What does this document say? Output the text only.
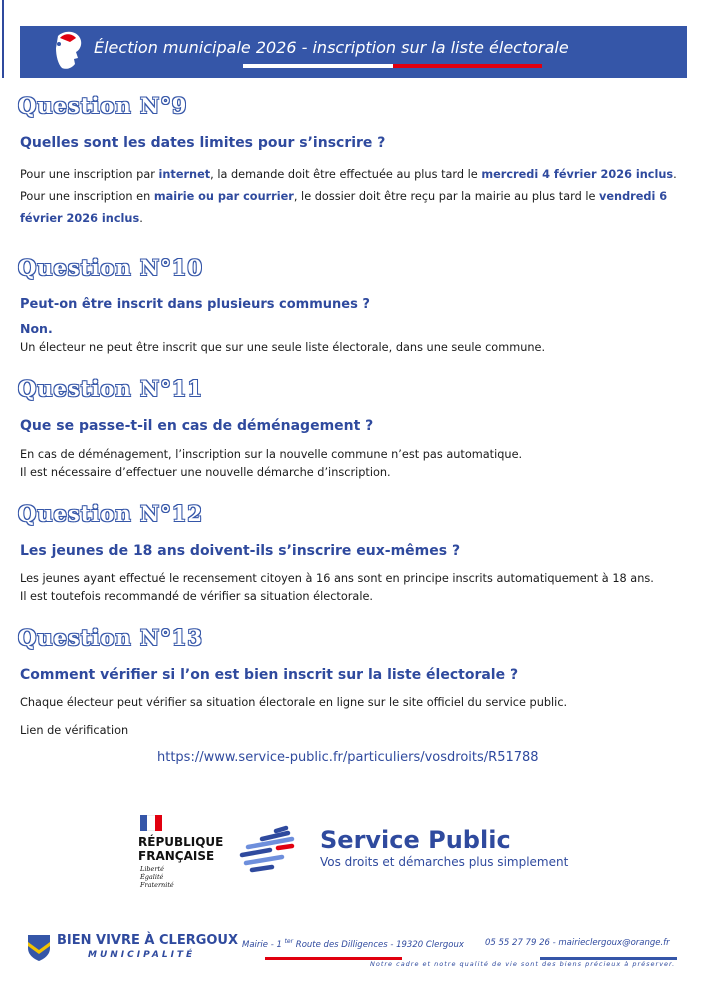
Élection municipale 2026 - inscription sur la liste électorale
Question N°9
Quelles sont les dates limites pour s’inscrire ?
Pour une inscription par internet, la demande doit être effectuée au plus tard le mercredi 4 février 2026 inclus.
Pour une inscription en mairie ou par courrier, le dossier doit être reçu par la mairie au plus tard le vendredi 6 février 2026 inclus.
Question N°10
Peut-on être inscrit dans plusieurs communes ?
Non.
Un électeur ne peut être inscrit que sur une seule liste électorale, dans une seule commune.
Question N°11
Que se passe-t-il en cas de déménagement ?
En cas de déménagement, l’inscription sur la nouvelle commune n’est pas automatique.
Il est nécessaire d’effectuer une nouvelle démarche d’inscription.
Question N°12
Les jeunes de 18 ans doivent-ils s’inscrire eux-mêmes ?
Les jeunes ayant effectué le recensement citoyen à 16 ans sont en principe inscrits automatiquement à 18 ans.
Il est toutefois recommandé de vérifier sa situation électorale.
Question N°13
Comment vérifier si l’on est bien inscrit sur la liste électorale ?
Chaque électeur peut vérifier sa situation électorale en ligne sur le site officiel du service public.
Lien de vérification
https://www.service-public.fr/particuliers/vosdroits/R51788
RÉPUBLIQUE
FRANÇAISE
Liberté
Égalité
Fraternité
Service Public
Vos droits et démarches plus simplement
BIEN VIVRE À CLERGOUX
MUNICIPALITÉ
Mairie - 1 $^{ter}$ Route des Dilligences - 19320 Clergoux 05 55 27 79 26 - mairieclergoux@orange.fr
Notre cadre et notre qualité de vie sont des biens précieux à préserver.
